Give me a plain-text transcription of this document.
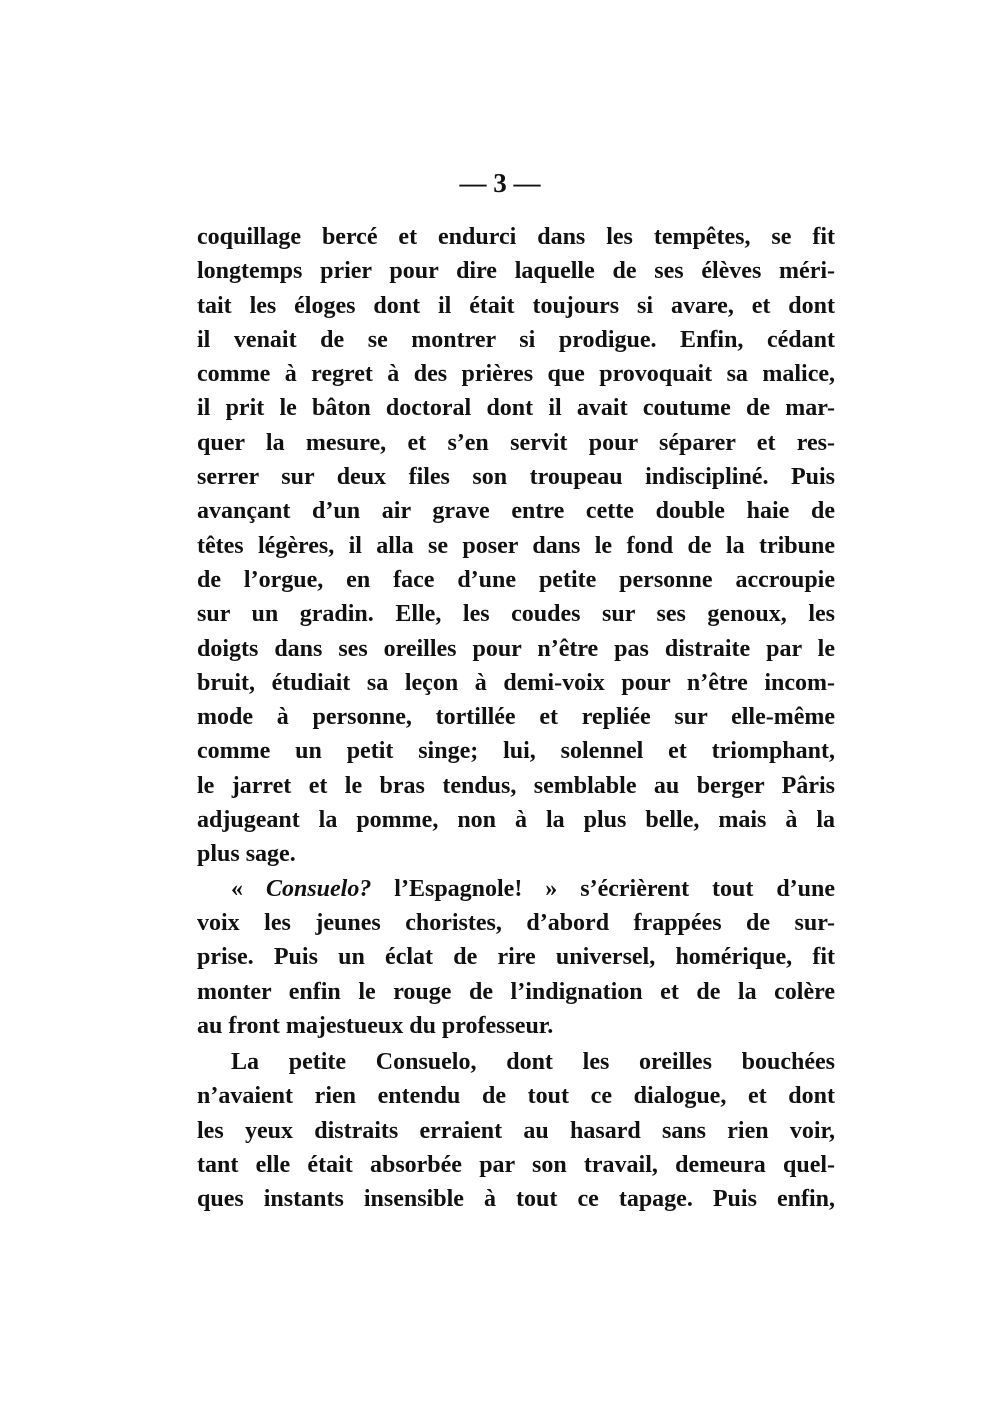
— 3 —
coquillage bercé et endurci dans les tempêtes, se fit
longtemps prier pour dire laquelle de ses élèves méri-
tait les éloges dont il était toujours si avare, et dont
il venait de se montrer si prodigue. Enfin, cédant
comme à regret à des prières que provoquait sa malice,
il prit le bâton doctoral dont il avait coutume de mar-
quer la mesure, et s’en servit pour séparer et res-
serrer sur deux files son troupeau indiscipliné. Puis
avançant d’un air grave entre cette double haie de
têtes légères, il alla se poser dans le fond de la tribune
de l’orgue, en face d’une petite personne accroupie
sur un gradin. Elle, les coudes sur ses genoux, les
doigts dans ses oreilles pour n’être pas distraite par le
bruit, étudiait sa leçon à demi-voix pour n’être incom-
mode à personne, tortillée et repliée sur elle-même
comme un petit singe; lui, solennel et triomphant,
le jarret et le bras tendus, semblable au berger Pâris
adjugeant la pomme, non à la plus belle, mais à la
plus sage.
« Consuelo? l’Espagnole! » s’écrièrent tout d’une
voix les jeunes choristes, d’abord frappées de sur-
prise. Puis un éclat de rire universel, homérique, fit
monter enfin le rouge de l’indignation et de la colère
au front majestueux du professeur.
La petite Consuelo, dont les oreilles bouchées
n’avaient rien entendu de tout ce dialogue, et dont
les yeux distraits erraient au hasard sans rien voir,
tant elle était absorbée par son travail, demeura quel-
ques instants insensible à tout ce tapage. Puis enfin,
